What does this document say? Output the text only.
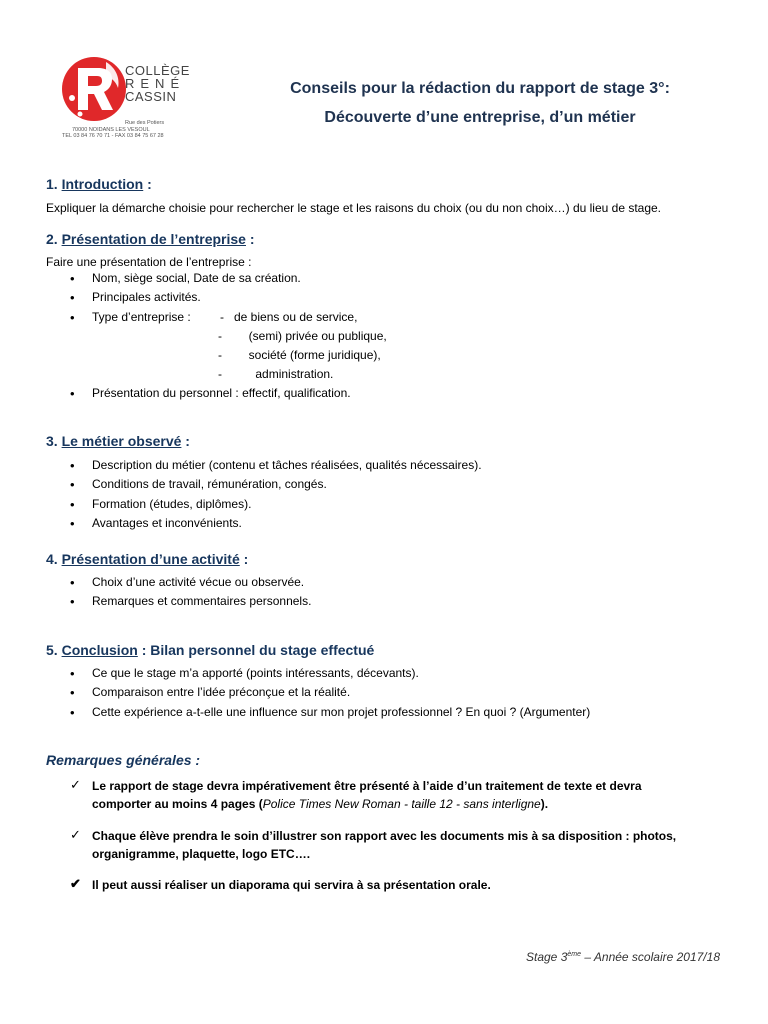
COLLÈGE
RENÉ
CASSIN
Rue des Potiers
70000 NOIDANS LES VESOUL
TEL 03 84 76 70 71 - FAX 03 84 75 67 28
Conseils pour la rédaction du rapport de stage 3°:
Découverte d’une entreprise, d’un métier
1. Introduction :
Expliquer la démarche choisie pour rechercher le stage et les raisons du choix (ou du non choix…) du lieu de stage.
2. Présentation de l’entreprise :
Faire une présentation de l’entreprise :
• Nom, siège social, Date de sa création.
• Principales activités.
• Type d’entreprise :	-   de biens ou de service,
-        (semi) privée ou publique,
-        société (forme juridique),
-          administration.
• Présentation du personnel : effectif, qualification.
3. Le métier observé :
• Description du métier (contenu et tâches réalisées, qualités nécessaires).
• Conditions de travail, rémunération, congés.
• Formation (études, diplômes).
• Avantages et inconvénients.
4. Présentation d’une activité :
• Choix d’une activité vécue ou observée.
• Remarques et commentaires personnels.
5. Conclusion : Bilan personnel du stage effectué
• Ce que le stage m’a apporté (points intéressants, décevants).
• Comparaison entre l’idée préconçue et la réalité.
• Cette expérience a-t-elle une influence sur mon projet professionnel ? En quoi ? (Argumenter)
Remarques générales :
✓ Le rapport de stage devra impérativement être présenté à l’aide d’un traitement de texte et devra
comporter au moins 4 pages (Police Times New Roman - taille 12 - sans interligne).
✓ Chaque élève prendra le soin d’illustrer son rapport avec les documents mis à sa disposition : photos,
organigramme, plaquette, logo ETC….
✔ Il peut aussi réaliser un diaporama qui servira à sa présentation orale.
Stage 3ème – Année scolaire 2017/18
